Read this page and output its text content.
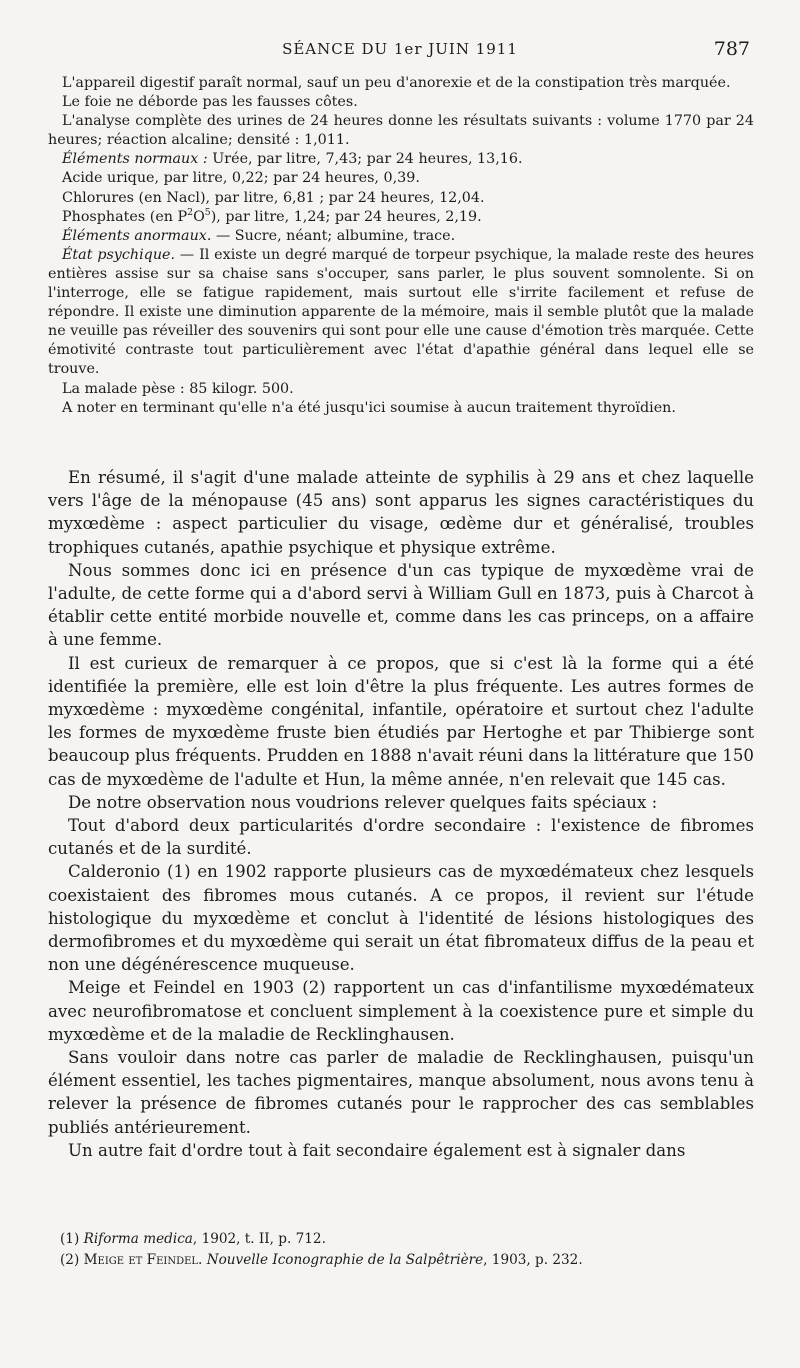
SÉANCE DU 1er JUIN 1911	787

L'appareil digestif paraît normal, sauf un peu d'anorexie et de la constipation très marquée.

Le foie ne déborde pas les fausses côtes.

L'analyse complète des urines de 24 heures donne les résultats suivants : volume 1770 par 24 heures; réaction alcaline; densité : 1,011.

Éléments normaux : Urée, par litre, 7,43; par 24 heures, 13,16.

Acide urique, par litre, 0,22; par 24 heures, 0,39.

Chlorures (en Nacl), par litre, 6,81 ; par 24 heures, 12,04.

Phosphates (en $P^2O^5$), par litre, 1,24; par 24 heures, 2,19.

Éléments anormaux. — Sucre, néant; albumine, trace.

État psychique. — Il existe un degré marqué de torpeur psychique, la malade reste des heures entières assise sur sa chaise sans s'occuper, sans parler, le plus souvent somnolente. Si on l'interroge, elle se fatigue rapidement, mais surtout elle s'irrite facilement et refuse de répondre. Il existe une diminution apparente de la mémoire, mais il semble plutôt que la malade ne veuille pas réveiller des souvenirs qui sont pour elle une cause d'émotion très marquée. Cette émotivité contraste tout particulièrement avec l'état d'apathie général dans lequel elle se trouve.

La malade pèse : 85 kilogr. 500.

A noter en terminant qu'elle n'a été jusqu'ici soumise à aucun traitement thyroïdien.

En résumé, il s'agit d'une malade atteinte de syphilis à 29 ans et chez laquelle vers l'âge de la ménopause (45 ans) sont apparus les signes caractéristiques du myxœdème : aspect particulier du visage, œdème dur et généralisé, troubles trophiques cutanés, apathie psychique et physique extrême.

Nous sommes donc ici en présence d'un cas typique de myxœdème vrai de l'adulte, de cette forme qui a d'abord servi à William Gull en 1873, puis à Charcot à établir cette entité morbide nouvelle et, comme dans les cas princeps, on a affaire à une femme.

Il est curieux de remarquer à ce propos, que si c'est là la forme qui a été identifiée la première, elle est loin d'être la plus fréquente. Les autres formes de myxœdème : myxœdème congénital, infantile, opératoire et surtout chez l'adulte les formes de myxœdème fruste bien étudiés par Hertoghe et par Thibierge sont beaucoup plus fréquents. Prudden en 1888 n'avait réuni dans la littérature que 150 cas de myxœdème de l'adulte et Hun, la même année, n'en relevait que 145 cas.

De notre observation nous voudrions relever quelques faits spéciaux :

Tout d'abord deux particularités d'ordre secondaire : l'existence de fibromes cutanés et de la surdité.

Calderonio (1) en 1902 rapporte plusieurs cas de myxœdémateux chez lesquels coexistaient des fibromes mous cutanés. A ce propos, il revient sur l'étude histologique du myxœdème et conclut à l'identité de lésions histologiques des dermofibromes et du myxœdème qui serait un état fibromateux diffus de la peau et non une dégénérescence muqueuse.

Meige et Feindel en 1903 (2) rapportent un cas d'infantilisme myxœdémateux avec neurofibromatose et concluent simplement à la coexistence pure et simple du myxœdème et de la maladie de Recklinghausen.

Sans vouloir dans notre cas parler de maladie de Recklinghausen, puisqu'un élément essentiel, les taches pigmentaires, manque absolument, nous avons tenu à relever la présence de fibromes cutanés pour le rapprocher des cas semblables publiés antérieurement.

Un autre fait d'ordre tout à fait secondaire également est à signaler dans

(1) Riforma medica, 1902, t. II, p. 712.

(2) Meige et Feindel. Nouvelle Iconographie de la Salpêtrière, 1903, p. 232.
